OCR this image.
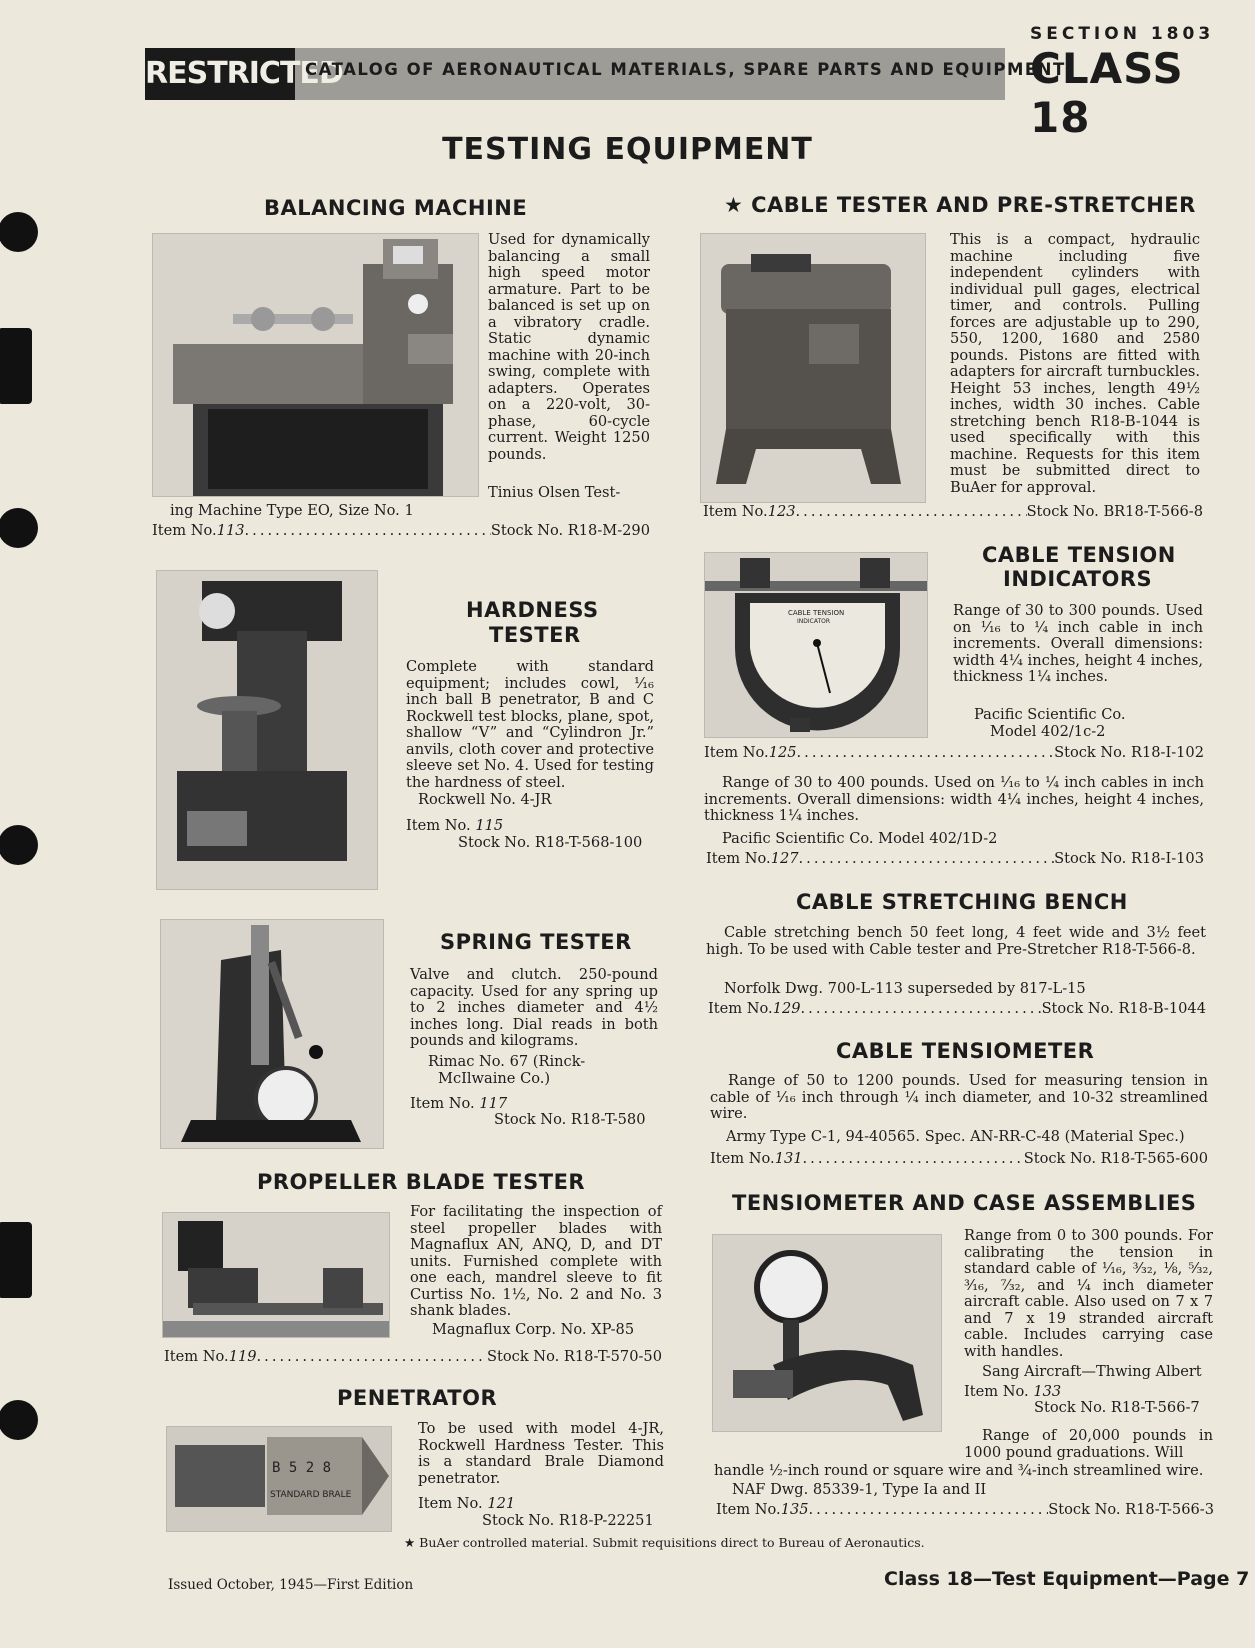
RESTRICTED
CATALOG OF AERONAUTICAL MATERIALS, SPARE PARTS AND EQUIPMENT
SECTION 1803
CLASS 18
TESTING EQUIPMENT
BALANCING MACHINE
Used for dynamically balancing a small high speed motor armature. Part to be balanced is set up on a vibratory cradle. Static dynamic machine with 20-inch swing, complete with adapters. Operates on a 220-volt, 30-phase, 60-cycle current. Weight 1250 pounds.
Tinius Olsen Test-
ing Machine Type EO, Size No. 1
Item No. 113 .....	Stock No. R18-M-290
HARDNESS
TESTER
Complete with standard equipment; includes cowl, ⅟₁₆ inch ball B penetrator, B and C Rockwell test blocks, plane, spot, shallow “V” and “Cylindron Jr.” anvils, cloth cover and protective sleeve set No. 4. Used for testing the hardness of steel.
Rockwell No. 4-JR
Item No. 115
Stock No. R18-T-568-100
SPRING TESTER
Valve and clutch. 250-pound capacity. Used for any spring up to 2 inches diameter and 4½ inches long. Dial reads in both pounds and kilograms.
Rimac No. 67 (Rinck-
McIlwaine Co.)
Item No. 117
Stock No. R18-T-580
PROPELLER BLADE TESTER
For facilitating the inspection of steel propeller blades with Magnaflux AN, ANQ, D, and DT units. Furnished complete with one each, mandrel sleeve to fit Curtiss No. 1½, No. 2 and No. 3 shank blades.
Magnaflux Corp. No. XP-85
Item No. 119 .....	Stock No. R18-T-570-50
PENETRATOR
B 5 2 8
STANDARD BRALE
To be used with model 4-JR, Rockwell Hardness Tester. This is a standard Brale Diamond penetrator.
Item No. 121
Stock No. R18-P-22251
★ CABLE TESTER AND PRE-STRETCHER
This is a compact, hydraulic machine including five independent cylinders with individual pull gages, electrical timer, and controls. Pulling forces are adjustable up to 290, 550, 1200, 1680 and 2580 pounds. Pistons are fitted with adapters for aircraft turnbuckles. Height 53 inches, length 49½ inches, width 30 inches. Cable stretching bench R18-B-1044 is used specifically with this machine. Requests for this item must be submitted direct to BuAer for approval.
Item No. 123 .....	Stock No. BR18-T-566-8
CABLE TENSION
INDICATOR
CABLE TENSION
INDICATORS
Range of 30 to 300 pounds. Used on ⅟₁₆ to ¼ inch cable in inch increments. Overall dimensions: width 4¼ inches, height 4 inches, thickness 1¼ inches.
Pacific Scientific Co.
Model 402/1c-2
Item No. 125 .....	Stock No. R18-I-102
Range of 30 to 400 pounds. Used on ⅟₁₆ to ¼ inch cables in inch increments. Overall dimensions: width 4¼ inches, height 4 inches, thickness 1¼ inches.
Pacific Scientific Co. Model 402/1D-2
Item No. 127 .....	Stock No. R18-I-103
CABLE STRETCHING BENCH
Cable stretching bench 50 feet long, 4 feet wide and 3½ feet high. To be used with Cable tester and Pre-Stretcher R18-T-566-8.
Norfolk Dwg. 700-L-113 superseded by 817-L-15
Item No. 129 .....	Stock No. R18-B-1044
CABLE TENSIOMETER
Range of 50 to 1200 pounds. Used for measuring tension in cable of ⅟₁₆ inch through ¼ inch diameter, and 10-32 streamlined wire.
Army Type C-1, 94-40565. Spec. AN-RR-C-48 (Material Spec.)
Item No. 131 .....	Stock No. R18-T-565-600
TENSIOMETER AND CASE ASSEMBLIES
Range from 0 to 300 pounds. For calibrating the tension in standard cable of ⅟₁₆, ³⁄₃₂, ⅛, ⁵⁄₃₂, ³⁄₁₆, ⁷⁄₃₂, and ¼ inch diameter aircraft cable. Also used on 7 x 7 and 7 x 19 stranded aircraft cable. Includes carrying case with handles.
Sang Aircraft—Thwing Albert
Item No. 133
Stock No. R18-T-566-7
Range of 20,000 pounds in 1000 pound graduations. Will
handle ½-inch round or square wire and ¾-inch streamlined wire.
NAF Dwg. 85339-1, Type Ia and II
Item No. 135 .....	Stock No. R18-T-566-3
★ BuAer controlled material. Submit requisitions direct to Bureau of Aeronautics.
Issued October, 1945—First Edition	Class 18—Test Equipment—Page 7
